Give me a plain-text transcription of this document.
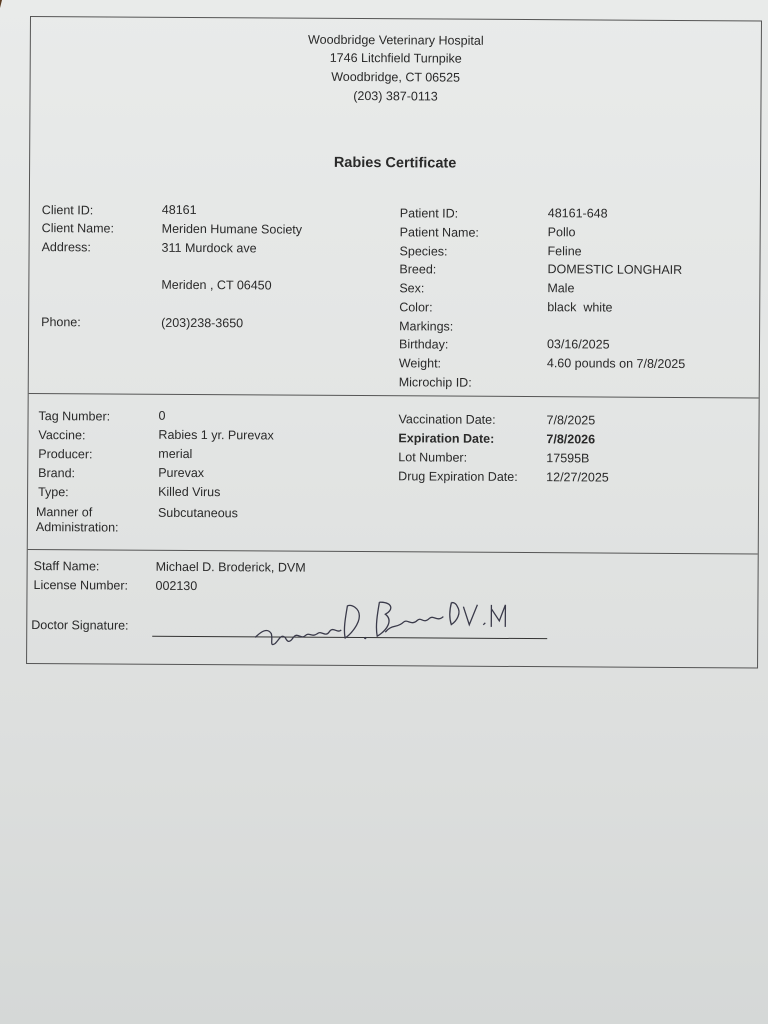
Woodbridge Veterinary Hospital
1746 Litchfield Turnpike
Woodbridge, CT 06525
(203) 387-0113
Rabies Certificate
Client ID:	48161
Client Name:	Meriden Humane Society
Address:	311 Murdock ave
Meriden , CT 06450
Phone:	(203)238-3650
Patient ID:	48161-648
Patient Name:	Pollo
Species:	Feline
Breed:	DOMESTIC LONGHAIR
Sex:	Male
Color:	black  white
Markings:
Birthday:	03/16/2025
Weight:	4.60 pounds on 7/8/2025
Microchip ID:
Tag Number:	0
Vaccine:	Rabies 1 yr. Purevax
Producer:	merial
Brand:	Purevax
Type:	Killed Virus
Manner of
Administration:
Subcutaneous
Vaccination Date:	7/8/2025
Expiration Date:	7/8/2026
Lot Number:	17595B
Drug Expiration Date: 12/27/2025
Staff Name:	Michael D. Broderick, DVM
License Number: 002130
Doctor Signature:
